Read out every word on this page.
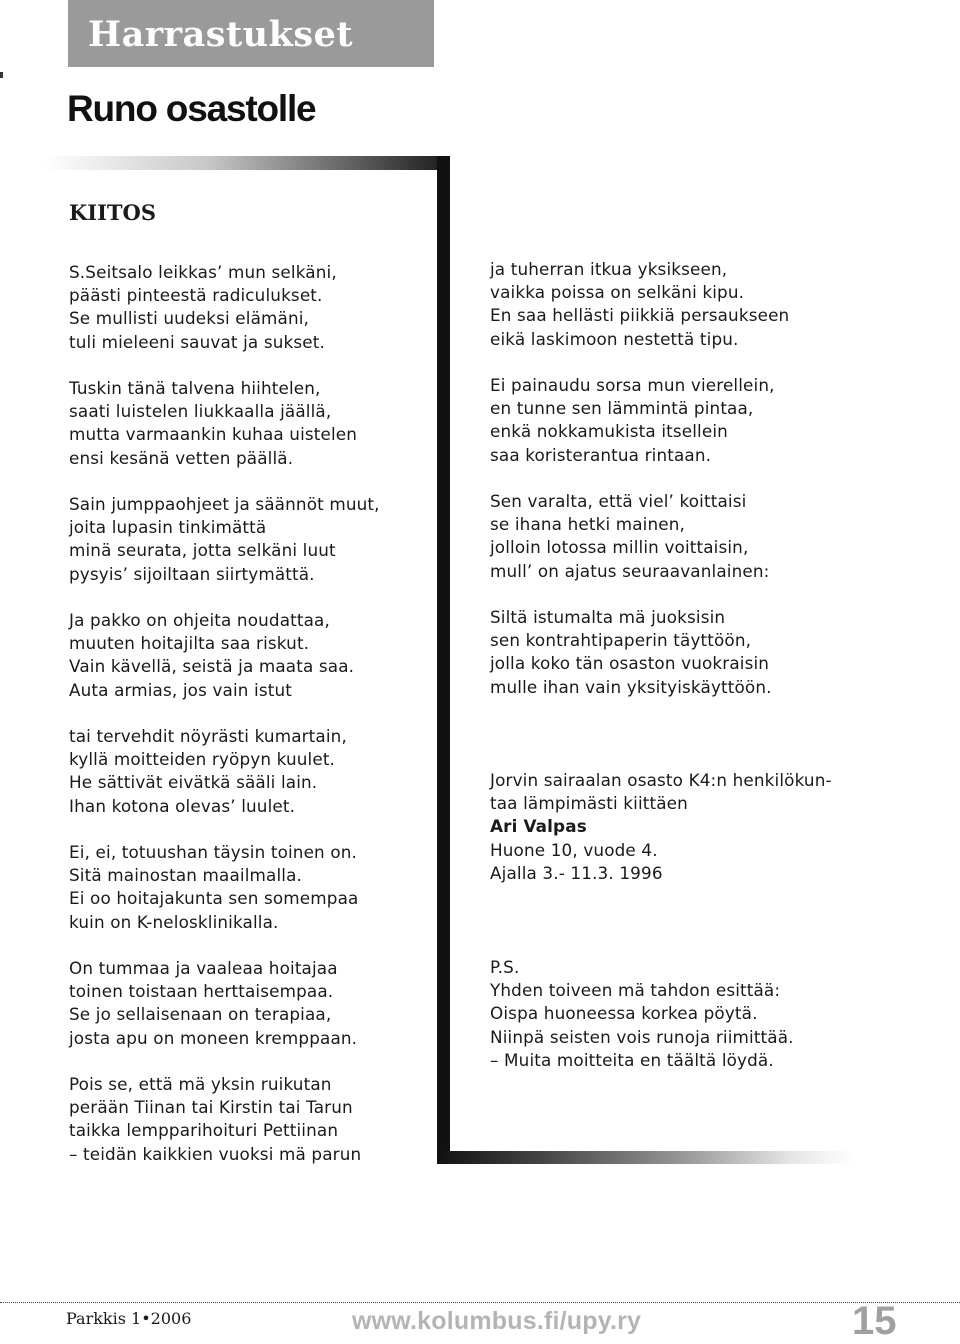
Harrastukset
Runo osastolle
KIITOS

S.Seitsalo leikkas’ mun selkäni,
päästi pinteestä radiculukset.
Se mullisti uudeksi elämäni,
tuli mieleeni sauvat ja sukset.

Tuskin tänä talvena hiihtelen,
saati luistelen liukkaalla jäällä,
mutta varmaankin kuhaa uistelen
ensi kesänä vetten päällä.

Sain jumppaohjeet ja säännöt muut,
joita lupasin tinkimättä
minä seurata, jotta selkäni luut
pysyis’ sijoiltaan siirtymättä.

Ja pakko on ohjeita noudattaa,
muuten hoitajilta saa riskut.
Vain kävellä, seistä ja maata saa.
Auta armias, jos vain istut

tai tervehdit nöyrästi kumartain,
kyllä moitteiden ryöpyn kuulet.
He sättivät eivätkä sääli lain.
Ihan kotona olevas’ luulet.

Ei, ei, totuushan täysin toinen on.
Sitä mainostan maailmalla.
Ei oo hoitajakunta sen somempaa
kuin on K-nelosklinikalla.

On tummaa ja vaaleaa hoitajaa
toinen toistaan herttaisempaa.
Se jo sellaisenaan on terapiaa,
josta apu on moneen kremppaan.

Pois se, että mä yksin ruikutan
perään Tiinan tai Kirstin tai Tarun
taikka lempparihoituri Pettiinan
– teidän kaikkien vuoksi mä parun

ja tuherran itkua yksikseen,
vaikka poissa on selkäni kipu.
En saa hellästi piikkiä persaukseen
eikä laskimoon nestettä tipu.

Ei painaudu sorsa mun vierellein,
en tunne sen lämmintä pintaa,
enkä nokkamukista itsellein
saa koristerantua rintaan.

Sen varalta, että viel’ koittaisi
se ihana hetki mainen,
jolloin lotossa millin voittaisin,
mull’ on ajatus seuraavanlainen:

Siltä istumalta mä juoksisin
sen kontrahtipaperin täyttöön,
jolla koko tän osaston vuokraisin
mulle ihan vain yksityiskäyttöön.

Jorvin sairaalan osasto K4:n henkilökun-
taa lämpimästi kiittäen
Ari Valpas
Huone 10, vuode 4.
Ajalla 3.- 11.3. 1996

P.S.
Yhden toiveen mä tahdon esittää:
Oispa huoneessa korkea pöytä.
Niinpä seisten vois runoja riimittää.
– Muita moitteita en täältä löydä.

Parkkis 1•2006	www.kolumbus.fi/upy.ry	15
